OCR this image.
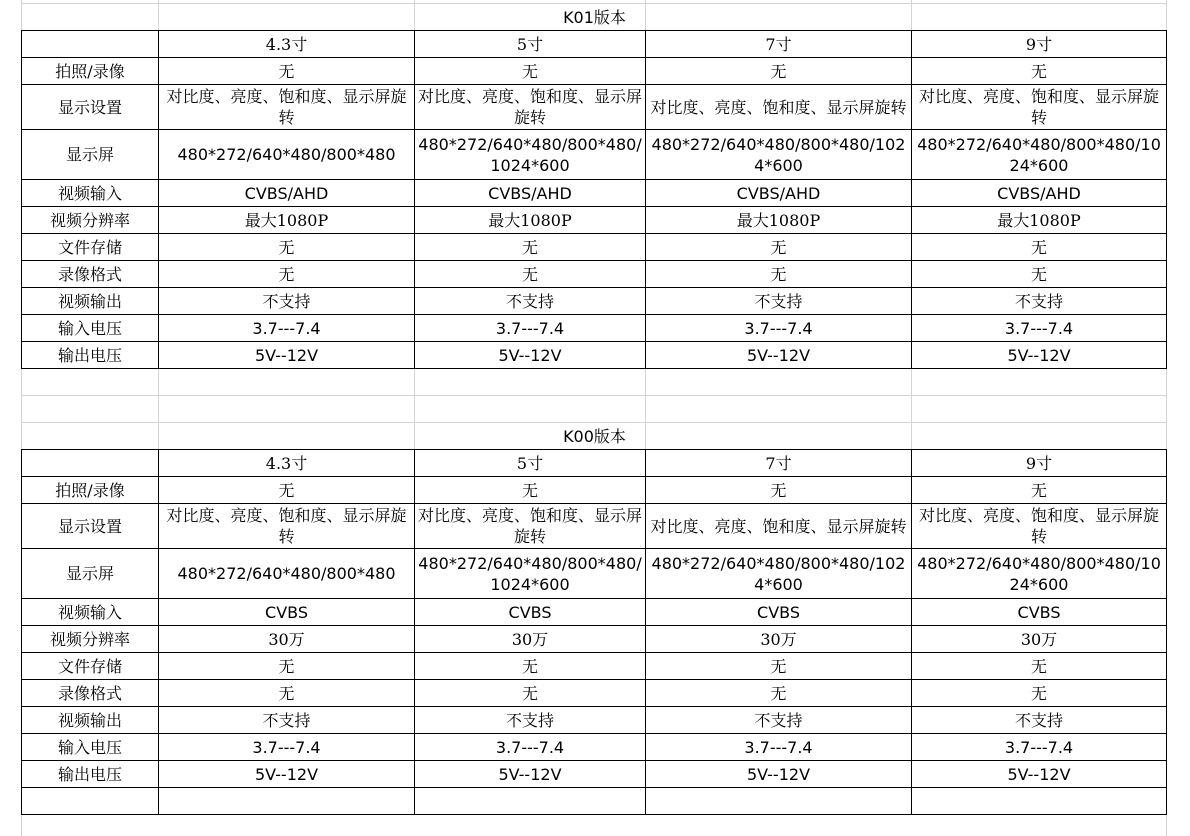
K01版本
	4.3寸	5寸	7寸	9寸
拍照/录像	无	无	无	无
显示设置	对比度、亮度、饱和度、显示屏旋转	对比度、亮度、饱和度、显示屏旋转	对比度、亮度、饱和度、显示屏旋转	对比度、亮度、饱和度、显示屏旋转
显示屏	480*272/640*480/800*480	480*272/640*480/800*480/1024*600	480*272/640*480/800*480/1024*600	480*272/640*480/800*480/1024*600
视频输入	CVBS/AHD	CVBS/AHD	CVBS/AHD	CVBS/AHD
视频分辨率	最大1080P	最大1080P	最大1080P	最大1080P
文件存储	无	无	无	无
录像格式	无	无	无	无
视频输出	不支持	不支持	不支持	不支持
输入电压	3.7---7.4	3.7---7.4	3.7---7.4	3.7---7.4
输出电压	5V--12V	5V--12V	5V--12V	5V--12V

K00版本
	4.3寸	5寸	7寸	9寸
拍照/录像	无	无	无	无
显示设置	对比度、亮度、饱和度、显示屏旋转	对比度、亮度、饱和度、显示屏旋转	对比度、亮度、饱和度、显示屏旋转	对比度、亮度、饱和度、显示屏旋转
显示屏	480*272/640*480/800*480	480*272/640*480/800*480/1024*600	480*272/640*480/800*480/1024*600	480*272/640*480/800*480/1024*600
视频输入	CVBS	CVBS	CVBS	CVBS
视频分辨率	30万	30万	30万	30万
文件存储	无	无	无	无
录像格式	无	无	无	无
视频输出	不支持	不支持	不支持	不支持
输入电压	3.7---7.4	3.7---7.4	3.7---7.4	3.7---7.4
输出电压	5V--12V	5V--12V	5V--12V	5V--12V
